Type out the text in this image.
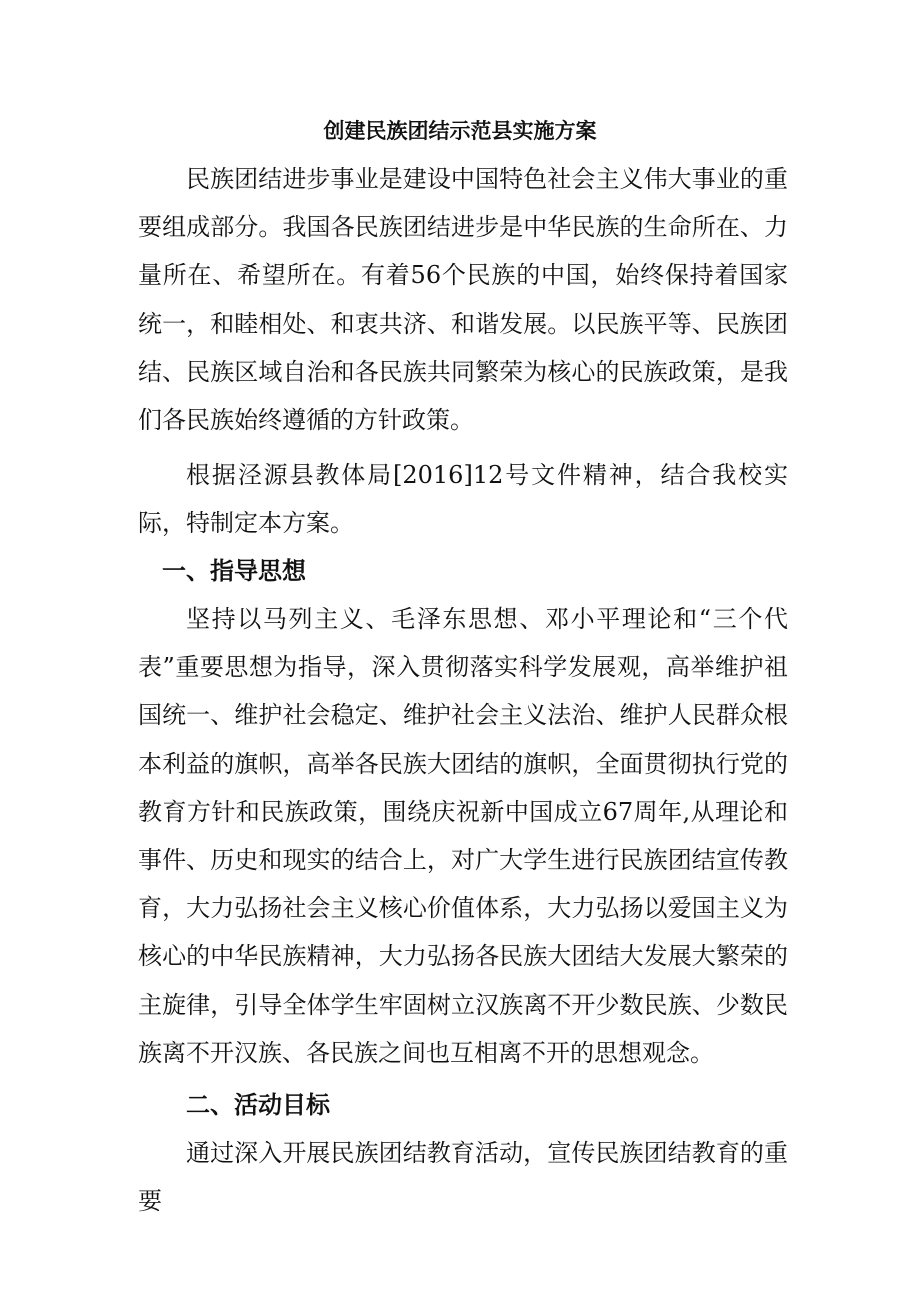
创建民族团结示范县实施方案

民族团结进步事业是建设中国特色社会主义伟大事业的重要组成部分。我国各民族团结进步是中华民族的生命所在、力量所在、希望所在。有着56个民族的中国，始终保持着国家统一，和睦相处、和衷共济、和谐发展。以民族平等、民族团结、民族区域自治和各民族共同繁荣为核心的民族政策，是我们各民族始终遵循的方针政策。

根据泾源县教体局[2016]12号文件精神，结合我校实际，特制定本方案。

一、指导思想

坚持以马列主义、毛泽东思想、邓小平理论和“三个代表”重要思想为指导，深入贯彻落实科学发展观，高举维护祖国统一、维护社会稳定、维护社会主义法治、维护人民群众根本利益的旗帜，高举各民族大团结的旗帜，全面贯彻执行党的教育方针和民族政策，围绕庆祝新中国成立67周年,从理论和事件、历史和现实的结合上，对广大学生进行民族团结宣传教育，大力弘扬社会主义核心价值体系，大力弘扬以爱国主义为核心的中华民族精神，大力弘扬各民族大团结大发展大繁荣的主旋律，引导全体学生牢固树立汉族离不开少数民族、少数民族离不开汉族、各民族之间也互相离不开的思想观念。

二、活动目标

通过深入开展民族团结教育活动，宣传民族团结教育的重要
